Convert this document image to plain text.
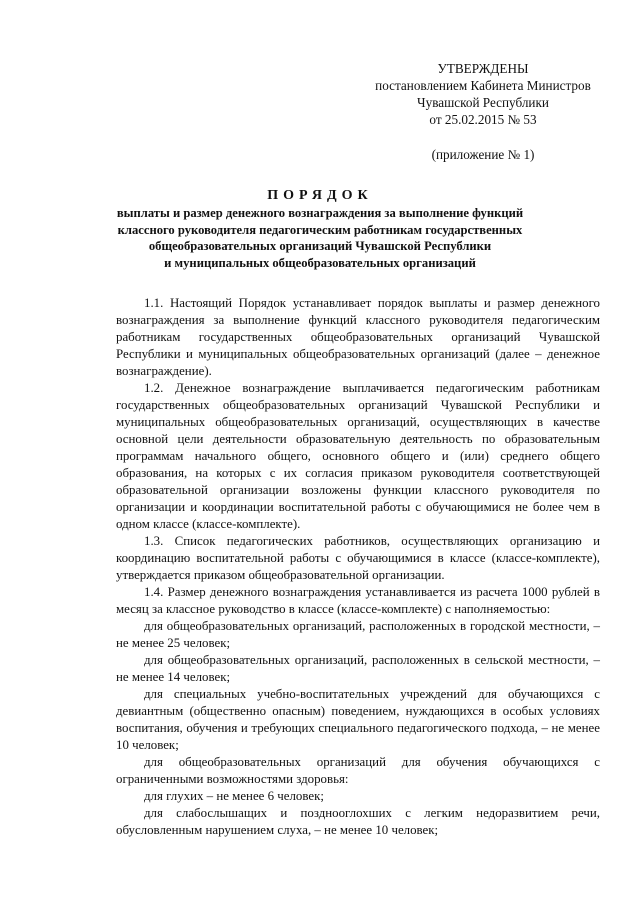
УТВЕРЖДЕНЫ
постановлением Кабинета Министров
Чувашской Республики
от 25.02.2015 № 53
(приложение № 1)
ПОРЯДОК
выплаты и размер денежного вознаграждения за выполнение функций
классного руководителя педагогическим работникам государственных
общеобразовательных организаций Чувашской Республики
и муниципальных общеобразовательных организаций

1.1. Настоящий Порядок устанавливает порядок выплаты и размер денежного вознаграждения за выполнение функций классного руководителя педагогическим работникам государственных общеобразовательных организаций Чувашской Республики и муниципальных общеобразовательных организаций (далее – денежное вознаграждение).

1.2. Денежное вознаграждение выплачивается педагогическим работникам государственных общеобразовательных организаций Чувашской Республики и муниципальных общеобразовательных организаций, осуществляющих в качестве основной цели деятельности образовательную деятельность по образовательным программам начального общего, основного общего и (или) среднего общего образования, на которых с их согласия приказом руководителя соответствующей образовательной организации возложены функции классного руководителя по организации и координации воспитательной работы с обучающимися не более чем в одном классе (классе-комплекте).

1.3. Список педагогических работников, осуществляющих организацию и координацию воспитательной работы с обучающимися в классе (классе-комплекте), утверждается приказом общеобразовательной организации.

1.4. Размер денежного вознаграждения устанавливается из расчета 1000 рублей в месяц за классное руководство в классе (классе-комплекте) с наполняемостью:

для общеобразовательных организаций, расположенных в городской местности, – не менее 25 человек;

для общеобразовательных организаций, расположенных в сельской местности, – не менее 14 человек;

для специальных учебно-воспитательных учреждений для обучающихся с девиантным (общественно опасным) поведением, нуждающихся в особых условиях воспитания, обучения и требующих специального педагогического подхода, – не менее 10 человек;

для общеобразовательных организаций для обучения обучающихся с ограниченными возможностями здоровья:

для глухих – не менее 6 человек;

для слабослышащих и позднооглохших с легким недоразвитием речи, обусловленным нарушением слуха, – не менее 10 человек;
